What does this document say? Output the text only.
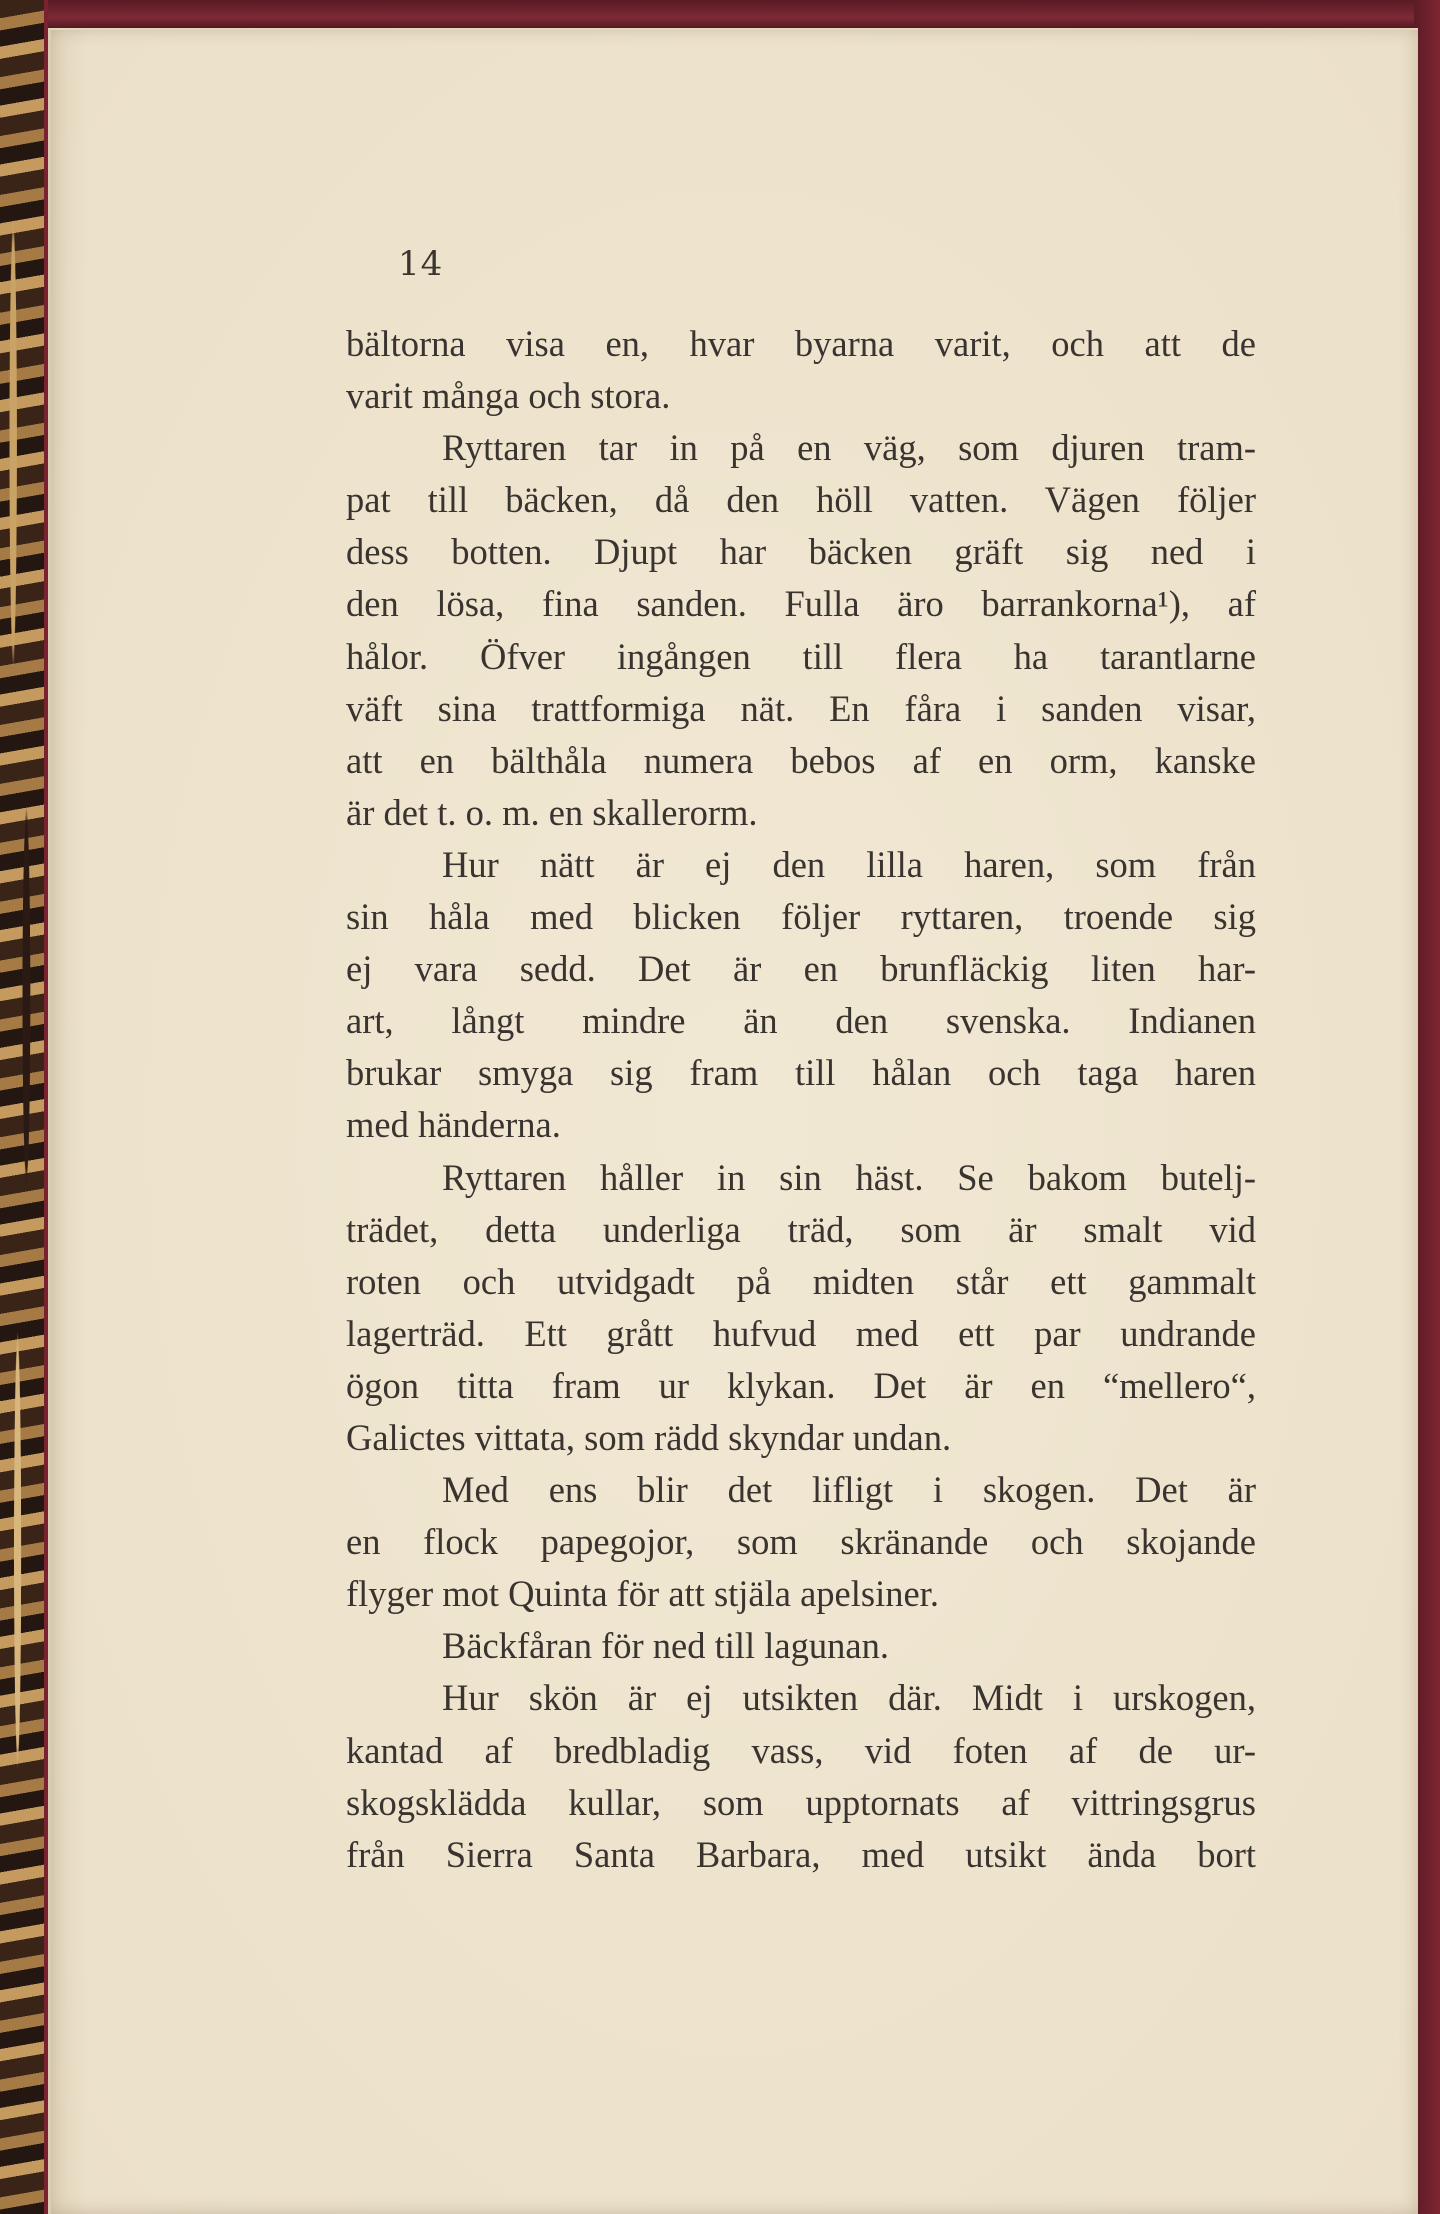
14
bältorna visa en, hvar byarna varit, och att de
varit många och stora.
Ryttaren tar in på en väg, som djuren tram-
pat till bäcken, då den höll vatten. Vägen följer
dess botten. Djupt har bäcken gräft sig ned i
den lösa, fina sanden. Fulla äro barrankorna¹), af
hålor. Öfver ingången till flera ha tarantlarne
väft sina trattformiga nät. En fåra i sanden visar,
att en bälthåla numera bebos af en orm, kanske
är det t. o. m. en skallerorm.
Hur nätt är ej den lilla haren, som från
sin håla med blicken följer ryttaren, troende sig
ej vara sedd. Det är en brunfläckig liten har-
art, långt mindre än den svenska. Indianen
brukar smyga sig fram till hålan och taga haren
med händerna.
Ryttaren håller in sin häst. Se bakom butelj-
trädet, detta underliga träd, som är smalt vid
roten och utvidgadt på midten står ett gammalt
lagerträd. Ett grått hufvud med ett par undrande
ögon titta fram ur klykan. Det är en “mellero“,
Galictes vittata, som rädd skyndar undan.
Med ens blir det lifligt i skogen. Det är
en flock papegojor, som skränande och skojande
flyger mot Quinta för att stjäla apelsiner.
Bäckfåran för ned till lagunan.
Hur skön är ej utsikten där. Midt i urskogen,
kantad af bredbladig vass, vid foten af de ur-
skogsklädda kullar, som upptornats af vittringsgrus
från Sierra Santa Barbara, med utsikt ända bort
